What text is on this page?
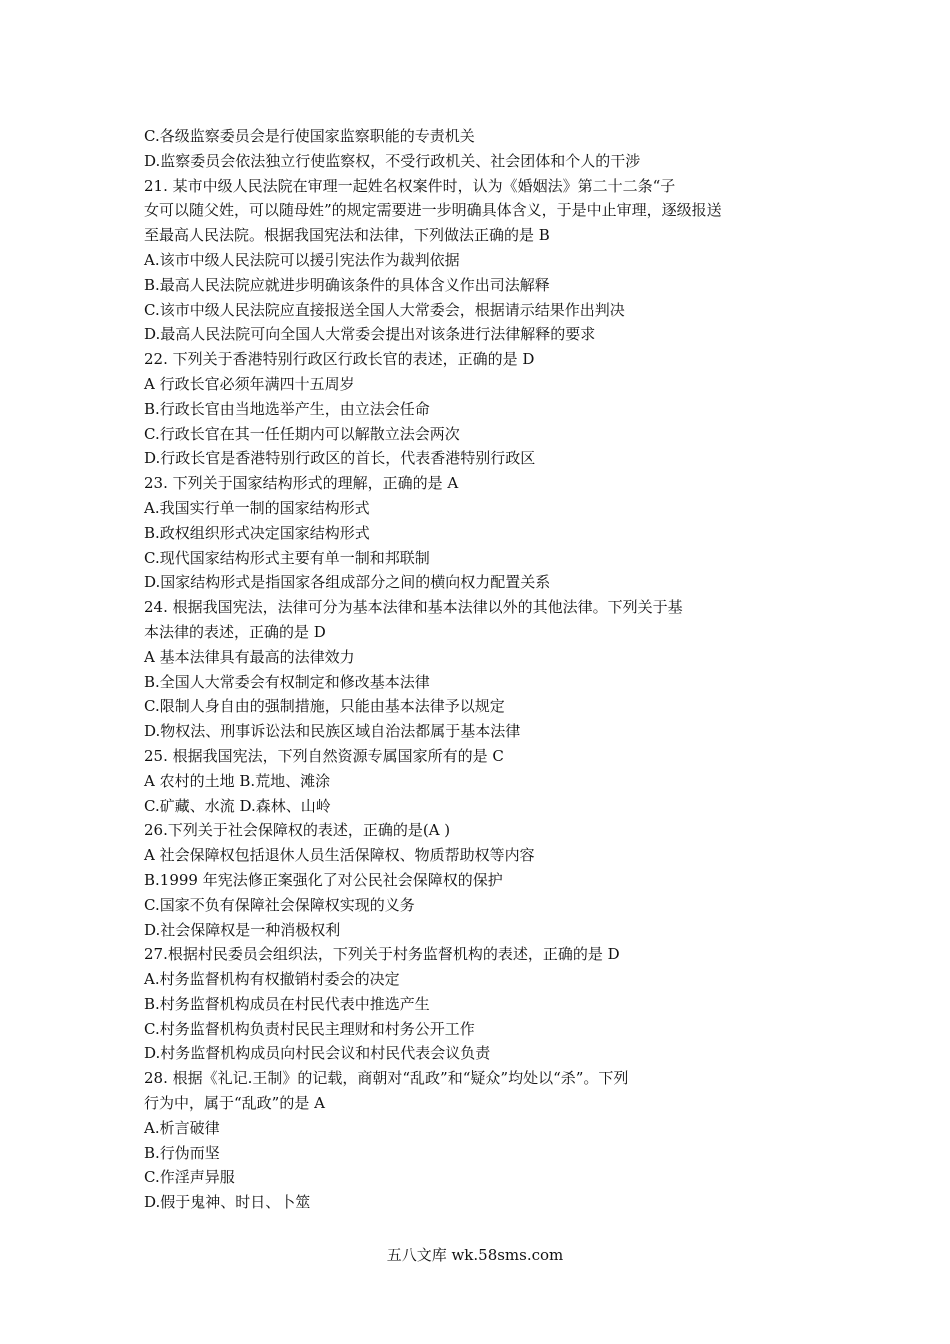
C.各级监察委员会是行使国家监察职能的专责机关
D.监察委员会依法独立行使监察权，不受行政机关、社会团体和个人的干涉
21. 某市中级人民法院在审理一起姓名权案件时，认为《婚姻法》第二十二条“子
女可以随父姓，可以随母姓”的规定需要进一步明确具体含义，于是中止审理，逐级报送
至最高人民法院。根据我国宪法和法律，下列做法正确的是 B
A.该市中级人民法院可以援引宪法作为裁判依据
B.最高人民法院应就进步明确该条件的具体含义作出司法解释
C.该市中级人民法院应直接报送全国人大常委会，根据请示结果作出判决
D.最高人民法院可向全国人大常委会提出对该条进行法律解释的要求
22. 下列关于香港特别行政区行政长官的表述，正确的是 D
A 行政长官必须年满四十五周岁
B.行政长官由当地选举产生，由立法会任命
C.行政长官在其一任任期内可以解散立法会两次
D.行政长官是香港特别行政区的首长，代表香港特别行政区
23. 下列关于国家结构形式的理解，正确的是 A
A.我国实行单一制的国家结构形式
B.政权组织形式决定国家结构形式
C.现代国家结构形式主要有单一制和邦联制
D.国家结构形式是指国家各组成部分之间的横向权力配置关系
24. 根据我国宪法，法律可分为基本法律和基本法律以外的其他法律。下列关于基
本法律的表述，正确的是 D
A 基本法律具有最高的法律效力
B.全国人大常委会有权制定和修改基本法律
C.限制人身自由的强制措施，只能由基本法律予以规定
D.物权法、刑事诉讼法和民族区域自治法都属于基本法律
25. 根据我国宪法，下列自然资源专属国家所有的是 C
A 农村的土地 B.荒地、滩涂
C.矿藏、水流 D.森林、山岭
26.下列关于社会保障权的表述，正确的是(A )
A 社会保障权包括退休人员生活保障权、物质帮助权等内容
B.1999 年宪法修正案强化了对公民社会保障权的保护
C.国家不负有保障社会保障权实现的义务
D.社会保障权是一种消极权利
27.根据村民委员会组织法，下列关于村务监督机构的表述，正确的是 D
A.村务监督机构有权撤销村委会的决定
B.村务监督机构成员在村民代表中推选产生
C.村务监督机构负责村民民主理财和村务公开工作
D.村务监督机构成员向村民会议和村民代表会议负责
28. 根据《礼记.王制》的记载，商朝对“乱政”和“疑众”均处以“杀”。下列
行为中，属于“乱政”的是 A
A.析言破律
B.行伪而坚
C.作淫声异服
D.假于鬼神、时日、卜筮
五八文库 wk.58sms.com
